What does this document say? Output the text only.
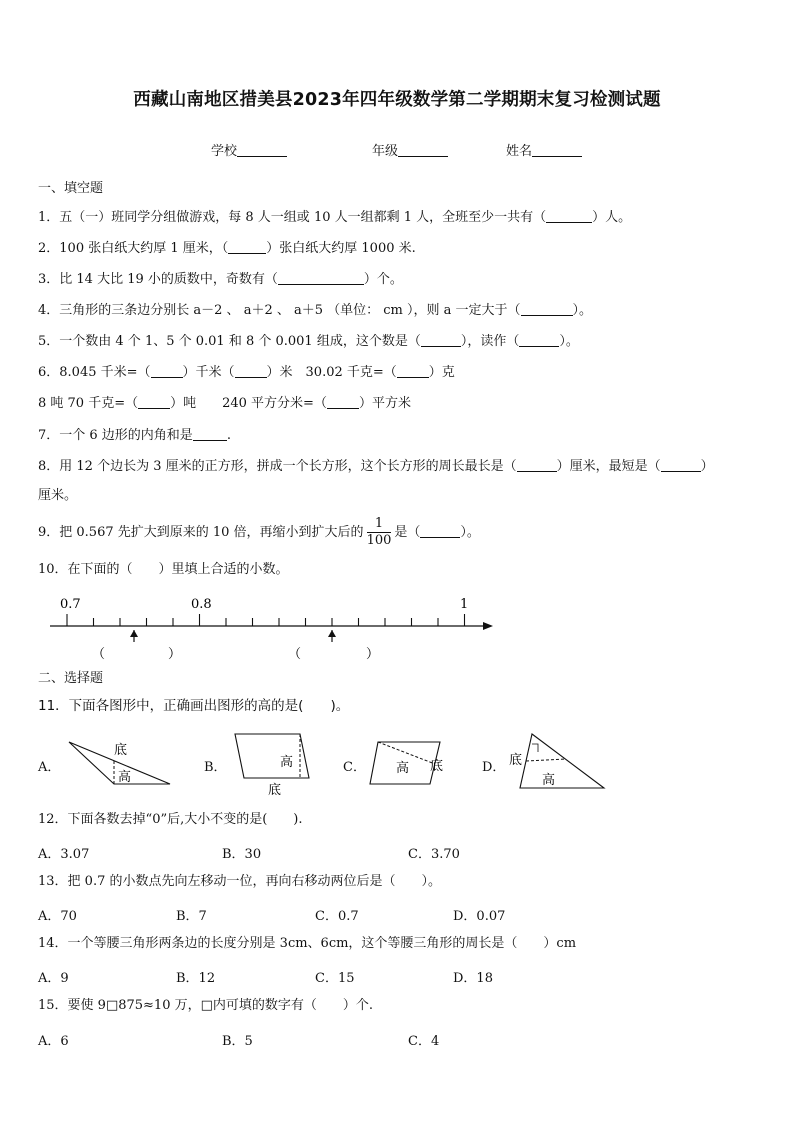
西藏山南地区措美县2023年四年级数学第二学期期末复习检测试题
学校	年级	姓名
一、填空题
1．五（一）班同学分组做游戏，每 8 人一组或 10 人一组都剩 1 人，全班至少一共有（	）人。
2．100 张白纸大约厚 1 厘米，（	）张白纸大约厚 1000 米.
3．比 14 大比 19 小的质数中，奇数有（	）个。
4．三角形的三条边分别长 a－2 、 a＋2 、 a＋5 （单位： cm ），则 a 一定大于（	）。
5．一个数由 4 个 1、5 个 0.01 和 8 个 0.001 组成，这个数是（	），读作（	）。
6．8.045 千米=（ ）千米（ ）米　30.02 千克=（ ）克
8 吨 70 千克=（ ）吨　　240 平方分米=（ ）平方米
7．一个 6 边形的内角和是	.
8．用 12 个边长为 3 厘米的正方形，拼成一个长方形，这个长方形的周长最长是（	）厘米，最短是（	）
厘米。
9．把 0.567 先扩大到原来的 10 倍，再缩小到扩大后的 $\frac{1}{100}$ 是（	）。
10．在下面的（　　）里填上合适的小数。
0.7	0.8	1
（	）	（	）
二、选择题
11．下面各图形中，正确画出图形的高的是(　　)。
A．
底
高
B．	高
底
C． 高 底	D． 底
高
12．下面各数去掉“0”后,大小不变的是(　　).
A．3.07	B．30	C．3.70
13．把 0.7 的小数点先向左移动一位，再向右移动两位后是（　　）。
A．70	B．7	C．0.7	D．0.07
14．一个等腰三角形两条边的长度分别是 3cm、6cm，这个等腰三角形的周长是（　　）cm
A．9	B．12	C．15	D．18
15．要使 9□875≈10 万，□内可填的数字有（　　）个.
A．6	B．5	C．4
